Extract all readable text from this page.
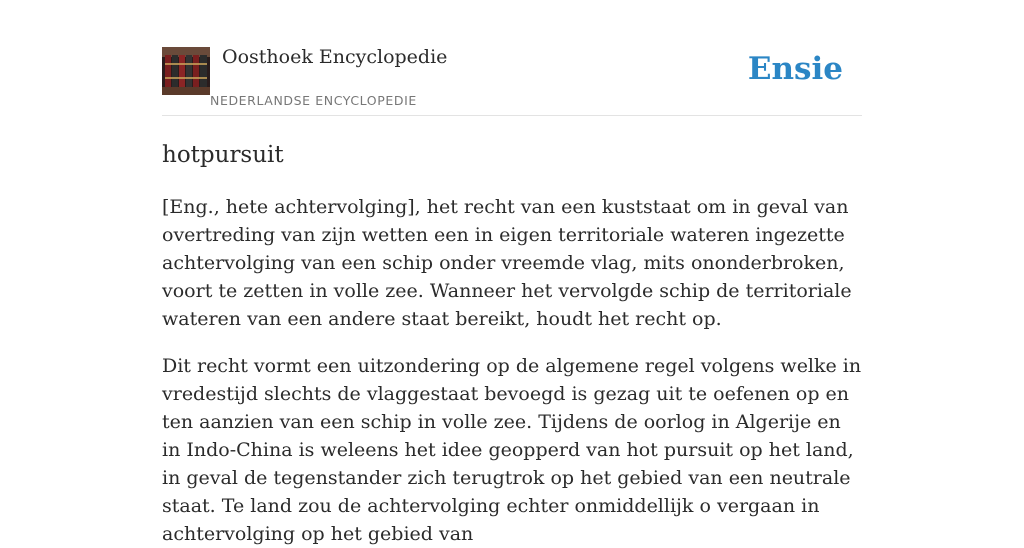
Oosthoek Encyclopedie
NEDERLANDSE ENCYCLOPEDIE
Ensie
hotpursuit

[Eng., hete achtervolging], het recht van een kuststaat om in geval van overtreding van zijn wetten een in eigen territoriale wateren ingezette achtervolging van een schip onder vreemde vlag, mits ononderbroken, voort te zetten in volle zee. Wanneer het vervolgde schip de territoriale wateren van een andere staat bereikt, houdt het recht op.

Dit recht vormt een uitzondering op de algemene regel volgens welke in vredestijd slechts de vlaggestaat bevoegd is gezag uit te oefenen op en ten aanzien van een schip in volle zee. Tijdens de oorlog in Algerije en in Indo-China is weleens het idee geopperd van hot pursuit op het land, in geval de tegenstander zich terugtrok op het gebied van een neutrale staat. Te land zou de achtervolging echter onmiddellijk o vergaan in achtervolging op het gebied van
